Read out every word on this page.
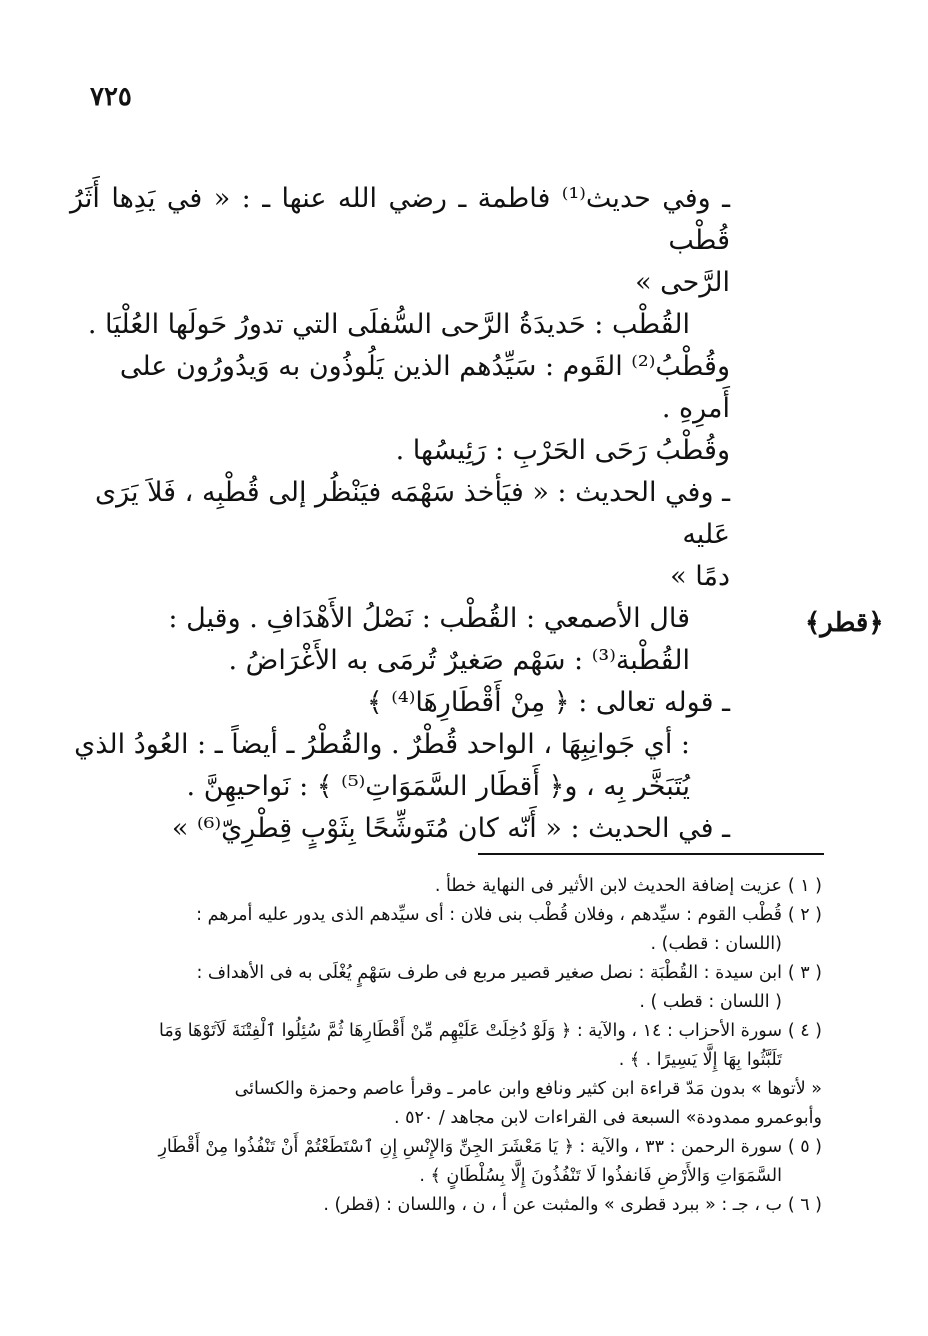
٧٢٥

ـ وفي حديث⁽¹⁾ فاطمة ـ رضي الله عنها ـ : « في يَدِها أَثَرُ قُطْب
الرَّحى »

القُطْب : حَديدَةُ الرَّحى السُّفلَى التي تدورُ حَولَها العُلْيَا .

وقُطْبُ⁽²⁾ القَوم : سَيِّدُهم الذين يَلُوذُون به وَيدُورُون على أَمرِهِ .

وقُطْبُ رَحَى الحَرْبِ : رَئِيسُها .

ـ وفي الحديث : « فيَأخذ سَهْمَه فيَنْظُر إلى قُطْبِه ، فَلاَ يَرَى عَليه
دمًا »

قال الأصمعي : القُطْب : نَصْلُ الأَهْدَافِ . وقيل :
القُطْبة⁽³⁾ : سَهْم صَغيرٌ تُرمَى به الأَغْرَاضُ .

ـ قوله تعالى : ﴿ مِنْ أَقْطَارِهَا⁽⁴⁾ ﴾

: أي جَوانِبِهَا ، الواحد قُطْرٌ . والقُطْرُ ـ أيضاً ـ : العُودُ الذي
يُتَبَخَّر بِه ، و﴿ أَقطَار السَّمَوَاتِ⁽⁵⁾ ﴾ : نَواحيهِنَّ .

ـ في الحديث : « أَنّه كان مُتَوشِّحًا بِثَوْبٍ قِطْرِيّ⁽⁶⁾ »

﴿قطر﴾
( ١ )
عزيت إضافة الحديث لابن الأثير فى النهاية خطأ .
( ٢ )
قُطْب القوم : سيِّدهم ، وفلان قُطْب بنى فلان : أى سيِّدهم الذى يدور عليه أمرهم :
(اللسان : قطب) .
( ٣ )
ابن سيدة : القُطْبَة : نصل صغير قصير مربع فى طرف سَهْمٍ يُغْلَى به فى الأهداف :
( اللسان : قطب ) .
( ٤ )
سورة الأحزاب : ١٤ ، والآية : ﴿ وَلَوْ دُخِلَتْ عَلَيْهِم مِّنْ أَقْطَارِهَا ثُمَّ سُئِلُوا ٱلْفِتْنَةَ لَآتَوْهَا وَمَا
تَلَبَّثُوا بِهَا إِلَّا يَسِيرًا . ﴾ .
« لأتوها » بدون مَدّ قراءة ابن كثير ونافع وابن عامر ـ وقرأ عاصم وحمزة والكسائى
وأبوعمرو ممدودة» السبعة فى القراءات لابن مجاهد / ٥٢٠ .
( ٥ )
سورة الرحمن : ٣٣ ، والآية : ﴿ يَا مَعْشَرَ الجِنِّ وَالإِنْسِ إِنِ ٱسْتَطَعْتُمْ أَنْ تَنْفُذُوا مِنْ أَقْطَارِ
السَّمَوَاتِ وَالأَرْضِ فَانفذُوا لَا تَنْفُذُونَ إِلَّا بِسُلْطَانٍ ﴾ .
( ٦ )
ب ، جـ : « ببرد قطرى » والمثبت عن أ ، ن ، واللسان : (قطر) .
